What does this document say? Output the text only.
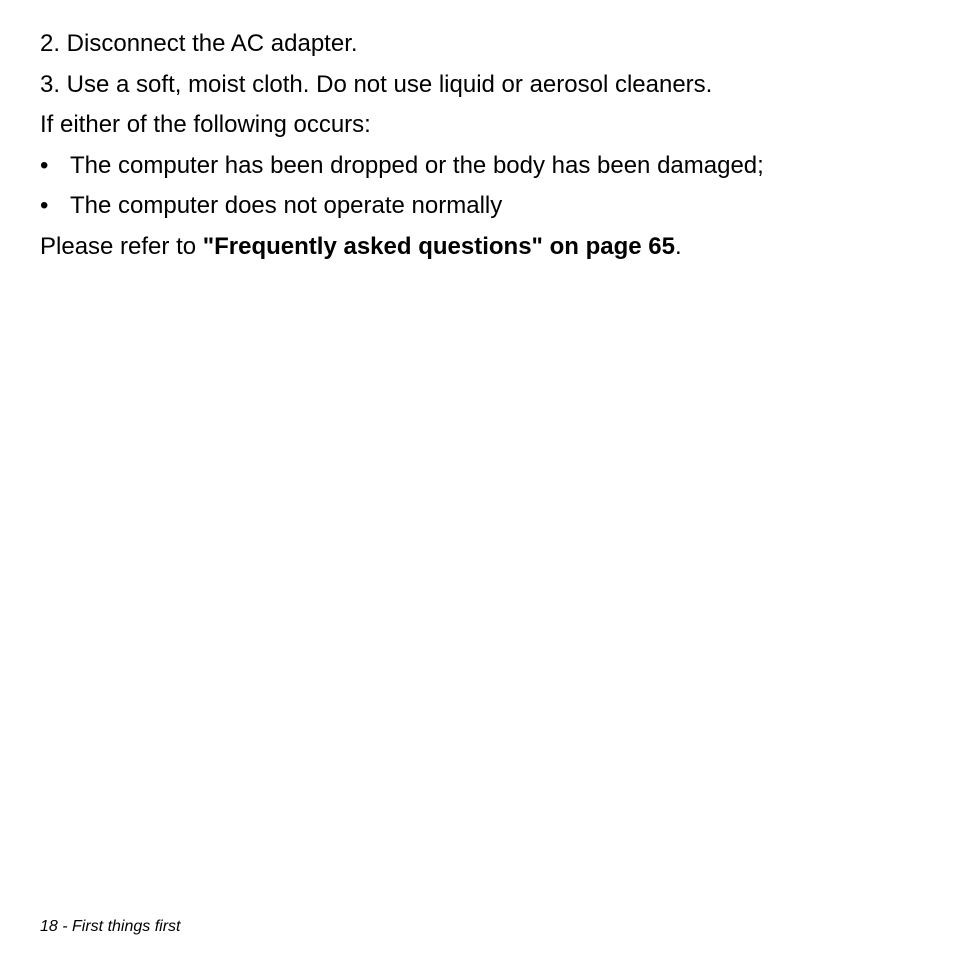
2. Disconnect the AC adapter.
3. Use a soft, moist cloth. Do not use liquid or aerosol cleaners.
If either of the following occurs:
• The computer has been dropped or the body has been damaged;
• The computer does not operate normally
Please refer to "Frequently asked questions" on page 65.
18 - First things first
